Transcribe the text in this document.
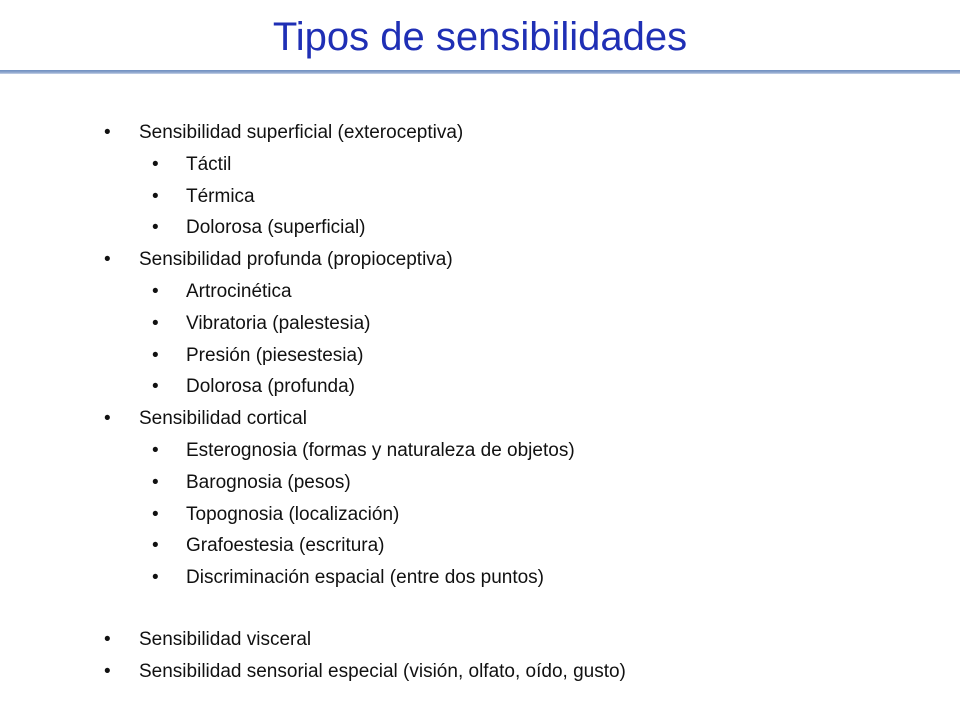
Tipos de sensibilidades
• Sensibilidad superficial (exteroceptiva)
• Táctil
• Térmica
• Dolorosa (superficial)
• Sensibilidad profunda (propioceptiva)
• Artrocinética
• Vibratoria (palestesia)
• Presión (piesestesia)
• Dolorosa (profunda)
• Sensibilidad cortical
• Esterognosia (formas y naturaleza de objetos)
• Barognosia (pesos)
• Topognosia (localización)
• Grafoestesia (escritura)
• Discriminación espacial (entre dos puntos)
• Sensibilidad visceral
• Sensibilidad sensorial especial (visión, olfato, oído, gusto)
